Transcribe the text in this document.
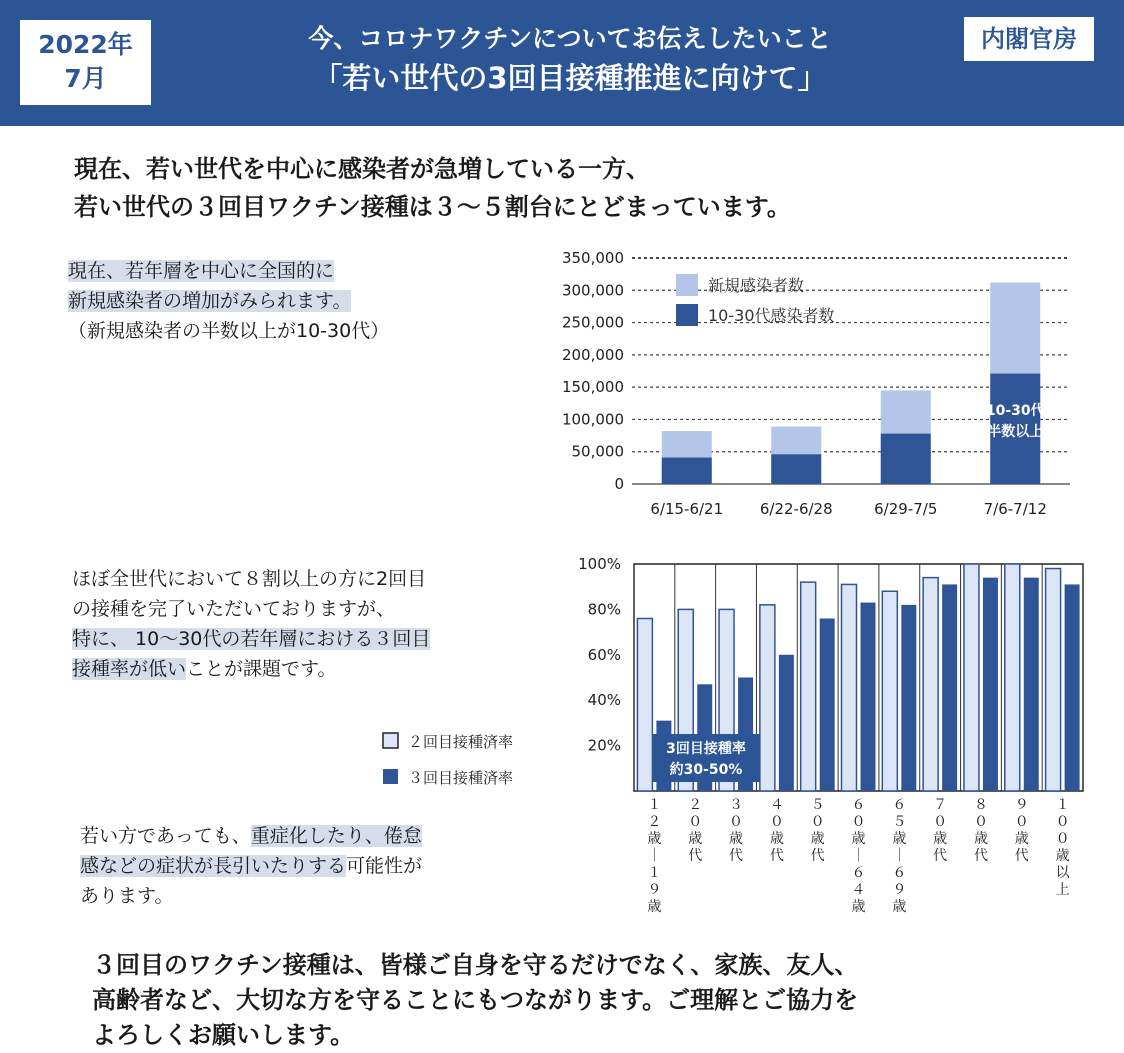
2022年
7月
今、コロナワクチンについてお伝えしたいこと
「若い世代の3回目接種推進に向けて」
内閣官房
現在、若い世代を中心に感染者が急増している一方、
若い世代の３回目ワクチン接種は３～５割台にとどまっています。
現在、若年層を中心に全国的に
新規感染者の増加がみられます。
（新規感染者の半数以上が10-30代）
0
50,000
100,000
150,000
200,000
250,000
300,000
350,000
6/15-6/21 6/22-6/28	6/29-7/5	7/6-7/12
新規感染者数
10-30代感染者数
10-30代
半数以上
ほぼ全世代において８割以上の方に2回目
の接種を完了いただいておりますが、
特に、 10～30代の若年層における３回目
接種率が低いことが課題です。
100%
80%
60%
40%
20%
１２歳｜１９歳
２０歳代
３０歳代
４０歳代
５０歳代
６０歳｜６４歳
６５歳｜６９歳
７０歳代
８０歳代
９０歳代
１００歳以上
3回目接種率
約30-50%
２回目接種済率
３回目接種済率
若い方であっても、重症化したり、倦怠
感などの症状が長引いたりする可能性が
あります。
３回目のワクチン接種は、皆様ご自身を守るだけでなく、家族、友人、
高齢者など、大切な方を守ることにもつながります。ご理解とご協力を
よろしくお願いします。
